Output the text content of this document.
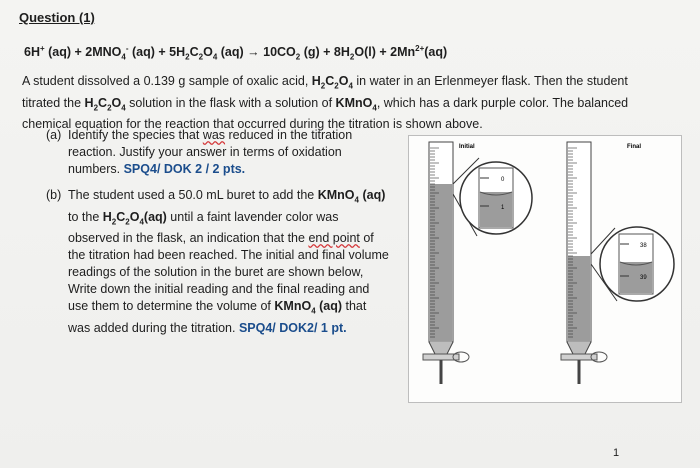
Question (1)
6H+ $(aq) + 2MNO_4^-$ $(aq) + 5H_2C_2O_4$ $(aq) \to 10CO_2$ $(g) + 8H_2O(l) + 2Mn^{2+}(aq)$
A student dissolved a 0.139 g sample of oxalic acid, $H_2C_2O_4$ in water in an Erlenmeyer flask. Then the student titrated the $H_2C_2O_4$ solution in the flask with a solution of KMnO$_4$, which has a dark purple color. The balanced chemical equation for the reaction that occurred during the titration is shown above.
(a) Identify the species that was reduced in the titration reaction. Justify your answer in terms of oxidation numbers. SPQ4/ DOK 2 / 2 pts.
(b) The student used a 50.0 mL buret to add the KMnO$_4$ (aq) to the $H_2C_2O_4(aq)$ until a faint lavender color was observed in the flask, an indication that the end point of the titration had been reached. The initial and final volume readings of the solution in the buret are shown below, Write down the initial reading and the final reading and use them to determine the volume of KMnO$_4$ (aq) that was added during the titration. SPQ4/ DOK2/ 1 pt.
Initial
0
1
Final
38
39
1
